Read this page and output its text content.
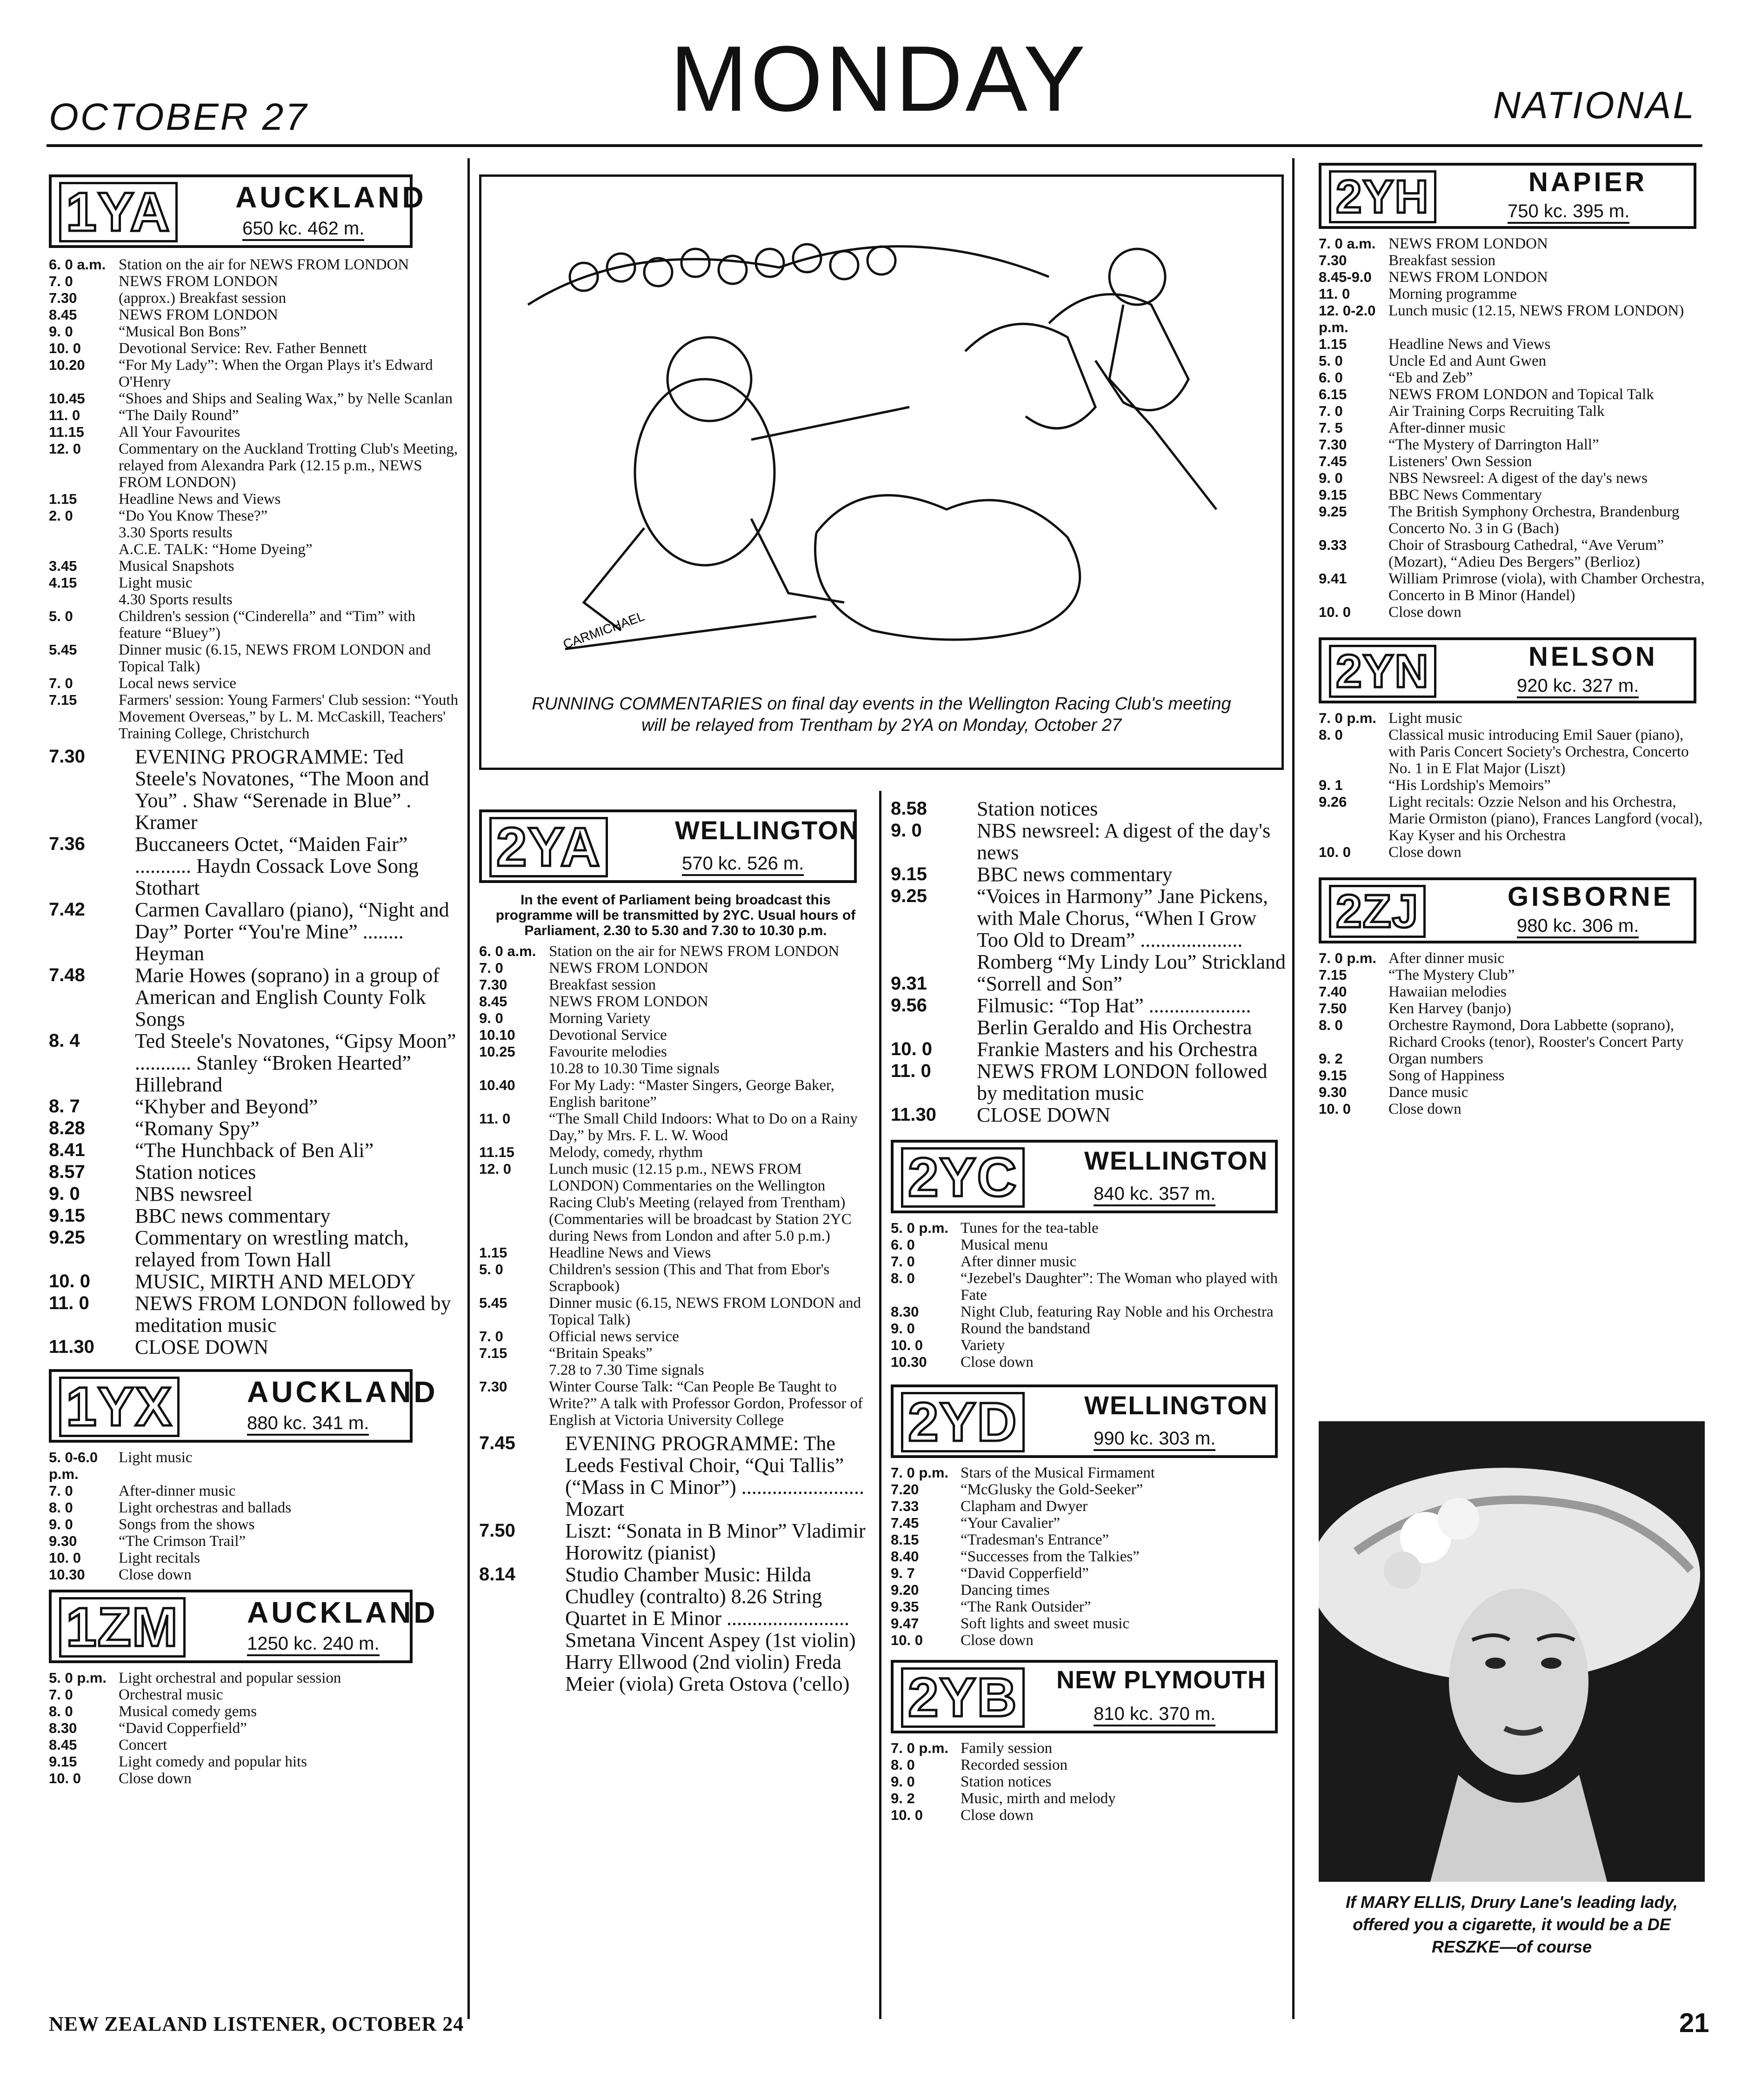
OCTOBER 27	MONDAY	NATIONAL
1YA AUCKLAND
650 kc. 462 m.
6. 0 a.m. Station on the air for NEWS FROM LONDON
7. 0	NEWS FROM LONDON
7.30	(approx.) Breakfast session
8.45	NEWS FROM LONDON
9. 0	“Musical Bon Bons”
10. 0	Devotional Service: Rev. Father Bennett
10.20	“For My Lady”: When the Organ Plays it's Edward O'Henry
10.45	“Shoes and Ships and Sealing Wax,” by Nelle Scanlan
11. 0	“The Daily Round”
11.15	All Your Favourites
12. 0	Commentary on the Auckland Trotting Club's Meeting, relayed from Alexandra Park (12.15 p.m., NEWS FROM LONDON)
1.15	Headline News and Views
2. 0	“Do You Know These?”
3.30 Sports results
A.C.E. TALK: “Home Dyeing”
3.45	Musical Snapshots
4.15	Light music
4.30 Sports results
5. 0	Children's session (“Cinderella” and “Tim” with feature “Bluey”)
5.45	Dinner music (6.15, NEWS FROM LONDON and Topical Talk)
7. 0	Local news service
7.15	Farmers' session: Young Farmers' Club session: “Youth Movement Overseas,” by L. M. McCaskill, Teachers' Training College, Christchurch
7.30	EVENING PROGRAMME: Ted Steele's Novatones, “The Moon and You” . Shaw “Serenade in Blue” . Kramer
7.36	Buccaneers Octet, “Maiden Fair” ........... Haydn Cossack Love Song Stothart
7.42	Carmen Cavallaro (piano), “Night and Day” Porter “You're Mine” ........ Heyman
7.48	Marie Howes (soprano) in a group of American and English County Folk Songs
8. 4	Ted Steele's Novatones, “Gipsy Moon” ........... Stanley “Broken Hearted” Hillebrand
8. 7	“Khyber and Beyond”
8.28	“Romany Spy”
8.41	“The Hunchback of Ben Ali”
8.57	Station notices
9. 0	NBS newsreel
9.15	BBC news commentary
9.25	Commentary on wrestling match, relayed from Town Hall
10. 0	MUSIC, MIRTH AND MELODY
11. 0	NEWS FROM LONDON followed by meditation music
11.30	CLOSE DOWN
1YX AUCKLAND
880 kc. 341 m.
5. 0-6.0 p.m.
Light music
7. 0	After-dinner music
8. 0	Light orchestras and ballads
9. 0	Songs from the shows
9.30	“The Crimson Trail”
10. 0	Light recitals
10.30	Close down
1ZM AUCKLAND
1250 kc. 240 m.
5. 0 p.m. Light orchestral and popular session
7. 0	Orchestral music
8. 0	Musical comedy gems
8.30	“David Copperfield”
8.45	Concert
9.15	Light comedy and popular hits
10. 0	Close down
CARMICHAEL
RUNNING COMMENTARIES on final day events in the Wellington Racing Club's meeting will be relayed from Trentham by 2YA on Monday, October 27
2YA	WELLINGTON
570 kc. 526 m.
In the event of Parliament being broadcast this programme will be transmitted by 2YC. Usual hours of Parliament, 2.30 to 5.30 and 7.30 to 10.30 p.m.
6. 0 a.m. Station on the air for NEWS FROM LONDON
7. 0	NEWS FROM LONDON
7.30	Breakfast session
8.45	NEWS FROM LONDON
9. 0	Morning Variety
10.10	Devotional Service
10.25	Favourite melodies
10.28 to 10.30 Time signals
10.40	For My Lady: “Master Singers, George Baker, English baritone”
11. 0	“The Small Child Indoors: What to Do on a Rainy Day,” by Mrs. F. L. W. Wood
11.15	Melody, comedy, rhythm
12. 0	Lunch music (12.15 p.m., NEWS FROM LONDON) Commentaries on the Wellington Racing Club's Meeting (relayed from Trentham) (Commentaries will be broadcast by Station 2YC during News from London and after 5.0 p.m.)
1.15	Headline News and Views
5. 0	Children's session (This and That from Ebor's Scrapbook)
5.45	Dinner music (6.15, NEWS FROM LONDON and Topical Talk)
7. 0	Official news service
7.15	“Britain Speaks”
7.28 to 7.30 Time signals
7.30	Winter Course Talk: “Can People Be Taught to Write?” A talk with Professor Gordon, Professor of English at Victoria University College
7.45	EVENING PROGRAMME: The Leeds Festival Choir, “Qui Tallis” (“Mass in C Minor”) ........................ Mozart
7.50	Liszt: “Sonata in B Minor” Vladimir Horowitz (pianist)
8.14	Studio Chamber Music: Hilda Chudley (contralto) 8.26 String Quartet in E Minor ........................ Smetana Vincent Aspey (1st violin) Harry Ellwood (2nd violin) Freda Meier (viola) Greta Ostova ('cello)
8.58	Station notices
9. 0	NBS newsreel: A digest of the day's news
9.15	BBC news commentary
9.25	“Voices in Harmony” Jane Pickens, with Male Chorus, “When I Grow Too Old to Dream” .................... Romberg “My Lindy Lou” Strickland
9.31	“Sorrell and Son”
9.56	Filmusic: “Top Hat” .................... Berlin Geraldo and His Orchestra
10. 0	Frankie Masters and his Orchestra
11. 0	NEWS FROM LONDON followed by meditation music
11.30	CLOSE DOWN
2YC	WELLINGTON
840 kc. 357 m.
5. 0 p.m. Tunes for the tea-table
6. 0	Musical menu
7. 0	After dinner music
8. 0	“Jezebel's Daughter”: The Woman who played with Fate
8.30	Night Club, featuring Ray Noble and his Orchestra
9. 0	Round the bandstand
10. 0	Variety
10.30	Close down
2YD	WELLINGTON
990 kc. 303 m.
7. 0 p.m. Stars of the Musical Firmament
7.20	“McGlusky the Gold-Seeker”
7.33	Clapham and Dwyer
7.45	“Your Cavalier”
8.15	“Tradesman's Entrance”
8.40	“Successes from the Talkies”
9. 7	“David Copperfield”
9.20	Dancing times
9.35	“The Rank Outsider”
9.47	Soft lights and sweet music
10. 0	Close down
2YB NEW PLYMOUTH
810 kc. 370 m.
7. 0 p.m. Family session
8. 0	Recorded session
9. 0	Station notices
9. 2	Music, mirth and melody
10. 0	Close down
2YH	NAPIER
750 kc. 395 m.
7. 0 a.m. NEWS FROM LONDON
7.30	Breakfast session
8.45-9.0	NEWS FROM LONDON
11. 0	Morning programme
12. 0-2.0 p.m.
Lunch music (12.15, NEWS FROM LONDON)
1.15	Headline News and Views
5. 0	Uncle Ed and Aunt Gwen
6. 0	“Eb and Zeb”
6.15	NEWS FROM LONDON and Topical Talk
7. 0	Air Training Corps Recruiting Talk
7. 5	After-dinner music
7.30	“The Mystery of Darrington Hall”
7.45	Listeners' Own Session
9. 0	NBS Newsreel: A digest of the day's news
9.15	BBC News Commentary
9.25	The British Symphony Orchestra, Brandenburg Concerto No. 3 in G (Bach)
9.33	Choir of Strasbourg Cathedral, “Ave Verum” (Mozart), “Adieu Des Bergers” (Berlioz)
9.41	William Primrose (viola), with Chamber Orchestra, Concerto in B Minor (Handel)
10. 0	Close down
2YN	NELSON
920 kc. 327 m.
7. 0 p.m. Light music
8. 0	Classical music introducing Emil Sauer (piano), with Paris Concert Society's Orchestra, Concerto No. 1 in E Flat Major (Liszt)
9. 1	“His Lordship's Memoirs”
9.26	Light recitals: Ozzie Nelson and his Orchestra, Marie Ormiston (piano), Frances Langford (vocal), Kay Kyser and his Orchestra
10. 0	Close down
2ZJ	GISBORNE
980 kc. 306 m.
7. 0 p.m. After dinner music
7.15	“The Mystery Club”
7.40	Hawaiian melodies
7.50	Ken Harvey (banjo)
8. 0	Orchestre Raymond, Dora Labbette (soprano), Richard Crooks (tenor), Rooster's Concert Party
9. 2	Organ numbers
9.15	Song of Happiness
9.30	Dance music
10. 0	Close down
If MARY ELLIS, Drury Lane's leading lady, offered you a cigarette, it would be a DE RESZKE—of course
NEW ZEALAND LISTENER, OCTOBER 24	21
